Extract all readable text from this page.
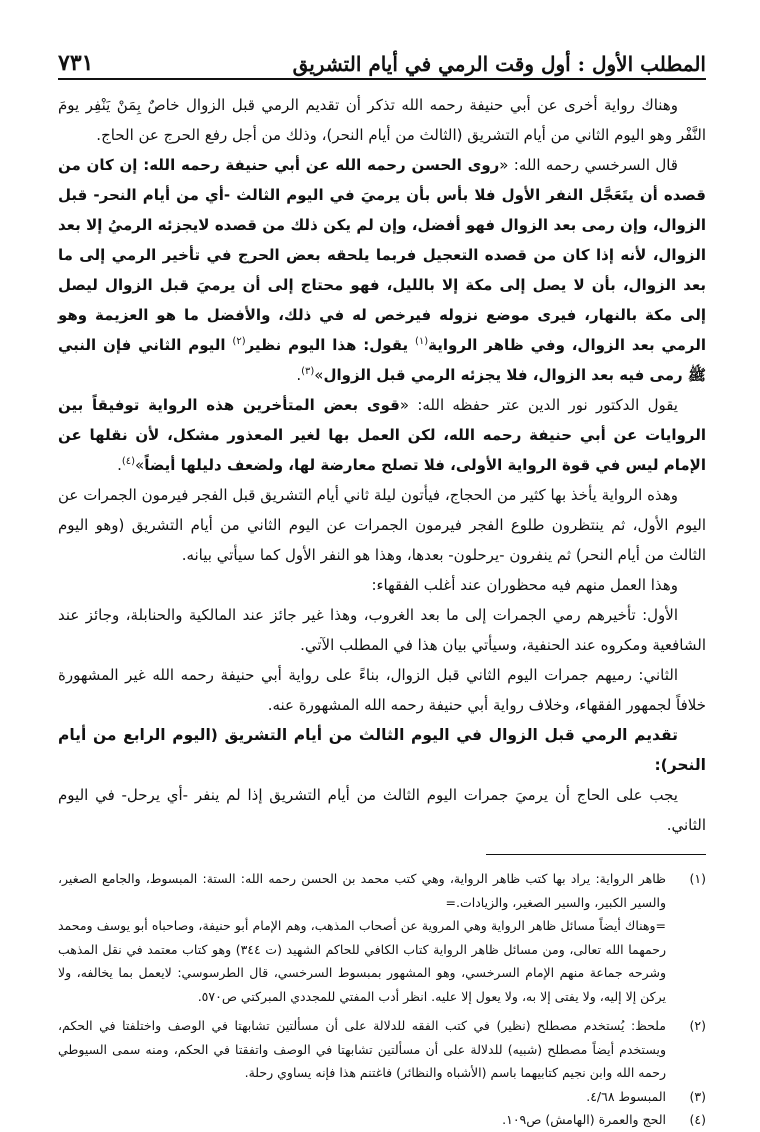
المطلب الأول : أول وقت الرمي في أيام التشريق
٧٣١

وهناك رواية أخرى عن أبي حنيفة رحمه الله تذكر أن تقديم الرمي قبل الزوال خاصٌ بِمَنْ يَنْفِر يومَ النَّفْر وهو اليوم الثاني من أيام التشريق (الثالث من أيام النحر)، وذلك من أجل رفع الحرج عن الحاج.

قال السرخسي رحمه الله: «روى الحسن رحمه الله عن أبي حنيفة رحمه الله: إن كان من قصده أن يتَعَجَّل النفر الأول فلا بأس بأن يرميَ في اليوم الثالث -أي من أيام النحر- قبل الزوال، وإن رمى بعد الزوال فهو أفضل، وإن لم يكن ذلك من قصده لايجزئه الرميُ إلا بعد الزوال، لأنه إذا كان من قصده التعجيل فربما يلحقه بعض الحرج في تأخير الرمي إلى ما بعد الزوال، بأن لا يصل إلى مكة إلا بالليل، فهو محتاج إلى أن يرميَ قبل الزوال ليصل إلى مكة بالنهار، فيرى موضع نزوله فيرخص له في ذلك، والأفضل ما هو العزيمة وهو الرمي بعد الزوال، وفي ظاهر الرواية$^{(١)}$ يقول: هذا اليوم نظير$^{(٢)}$ اليوم الثاني فإن النبي ﷺ رمى فيه بعد الزوال، فلا يجزئه الرمي قبل الزوال»$^{(٣)}$.

يقول الدكتور نور الدين عتر حفظه الله: «قوى بعض المتأخرين هذه الرواية توفيقاً بين الروايات عن أبي حنيفة رحمه الله، لكن العمل بها لغير المعذور مشكل، لأن نقلها عن الإمام ليس في قوة الرواية الأولى، فلا تصلح معارضة لها، ولضعف دليلها أيضاً»$^{(٤)}$.

وهذه الرواية يأخذ بها كثير من الحجاج، فيأتون ليلة ثاني أيام التشريق قبل الفجر فيرمون الجمرات عن اليوم الأول، ثم ينتظرون طلوع الفجر فيرمون الجمرات عن اليوم الثاني من أيام التشريق (وهو اليوم الثالث من أيام النحر) ثم ينفرون -يرحلون- بعدها، وهذا هو النفر الأول كما سيأتي بيانه.

وهذا العمل منهم فيه محظوران عند أغلب الفقهاء:

الأول: تأخيرهم رمي الجمرات إلى ما بعد الغروب، وهذا غير جائز عند المالكية والحنابلة، وجائز عند الشافعية ومكروه عند الحنفية، وسيأتي بيان هذا في المطلب الآتي.

الثاني: رميهم جمرات اليوم الثاني قبل الزوال، بناءً على رواية أبي حنيفة رحمه الله غير المشهورة خلافاً لجمهور الفقهاء، وخلاف رواية أبي حنيفة رحمه الله المشهورة عنه.

تقديم الرمي قبل الزوال في اليوم الثالث من أيام التشريق (اليوم الرابع من أيام النحر):

يجب على الحاج أن يرميَ جمرات اليوم الثالث من أيام التشريق إذا لم ينفر -أي يرحل- في اليوم الثاني.

(١)
ظاهر الرواية: يراد بها كتب ظاهر الرواية، وهي كتب محمد بن الحسن رحمه الله: الستة: المبسوط، والجامع الصغير، والسير الكبير، والسير الصغير، والزيادات.=
=وهناك أيضاً مسائل ظاهر الرواية وهي المروية عن أصحاب المذهب، وهم الإمام أبو حنيفة، وصاحباه أبو يوسف ومحمد رحمهما الله تعالى، ومن مسائل ظاهر الرواية كتاب الكافي للحاكم الشهيد (ت ٣٤٤) وهو كتاب معتمد في نقل المذهب وشرحه جماعة منهم الإمام السرخسي، وهو المشهور بمبسوط السرخسي، قال الطرسوسي: لايعمل بما يخالفه، ولا يركن إلا إليه، ولا يفتى إلا به، ولا يعول إلا عليه. انظر أدب المفتي للمجددي المبركتي ص٥٧٠.
(٢)
ملحظ: يُستخدم مصطلح (نظير) في كتب الفقه للدلالة على أن مسألتين تشابهتا في الوصف واختلفتا في الحكم، ويستخدم أيضاً مصطلح (شبيه) للدلالة على أن مسألتين تشابهتا في الوصف واتفقتا في الحكم، ومنه سمى السيوطي رحمه الله وابن نجيم كتابيهما باسم (الأشباه والنظائر) فاغتنم هذا فإنه يساوي رحلة.
(٣)
المبسوط ٤/٦٨.
(٤)
الحج والعمرة (الهامش) ص١٠٩.
